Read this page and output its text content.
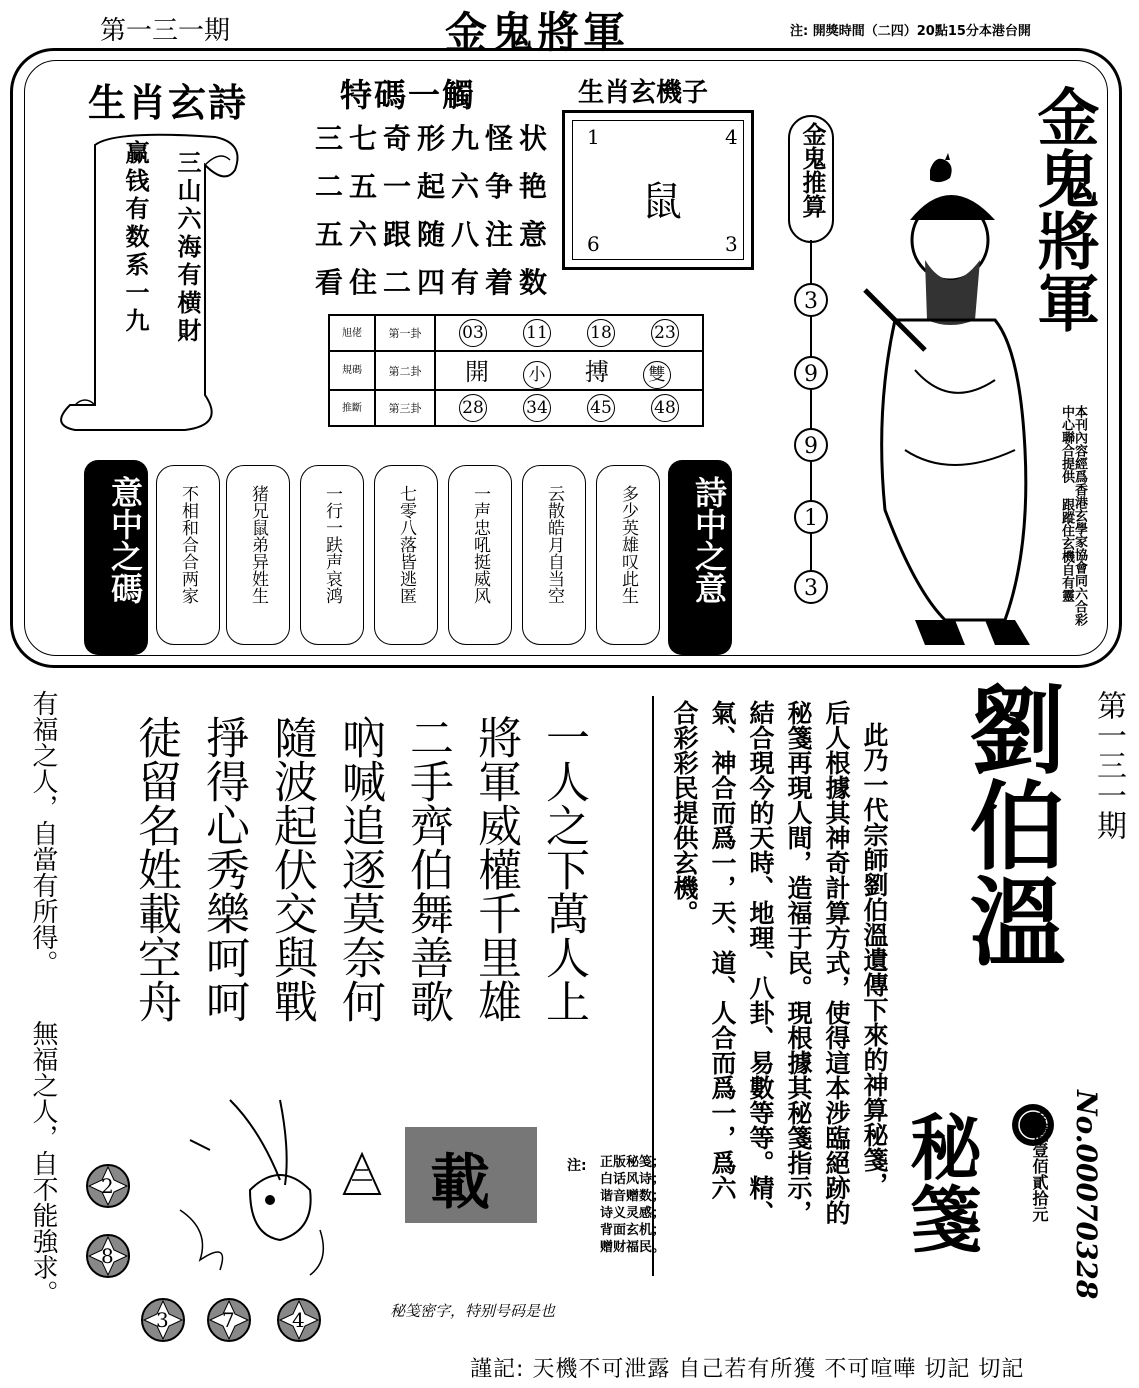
第一三一期	金鬼將軍	注: 開獎時間（二四）20點15分本港台開
生肖玄詩
三山六海有横財
赢钱有数系一九
特碼一觸
三七奇形九怪状
二五一起六争艳
五六跟随八注意
看住二四有着数
生肖玄機子
1	4
6	3
鼠
旭佬	第一卦	03 11 18 23
規碼	第二卦	開 小 搏 雙
推斷	第三卦	28 34 45 48
金鬼推算
3
9
9
1
3
金鬼將軍
本刊內容經爲香港玄學家協會同六合彩
中心聯合提供 跟蹤住玄機自有靈
意中之碼	詩中之意
不相和合合两家	猪兄鼠弟异姓生	一行一趺声哀鸿	七零八落皆逃匿	一声忠吼挺威风	云散皓月自当空	多少英雄叹此生
第一三一期
劉伯溫
秘箋	定價壹佰貳拾元 No.00070328
此乃一代宗師劉伯溫遺傳下來的神算秘箋，
后人根據其神奇計算方式，使得這本涉臨絕跡的
秘箋再現人間，造福于民。現根據其秘箋指示，
結合現今的天時、地理、八卦、易數等等。精、
氣、神合而爲一，天、道、人合而爲一，爲六
合彩彩民提供玄機。
一人之下萬人上
將軍威權千里雄
二手齊伯舞善歌
吶喊追逐莫奈何
隨波起伏交與戰
掙得心秀樂呵呵
徒留名姓載空舟
有福之人，自當有所得。
無福之人，自不能強求。 2
8
3	7	4
載	注: 正版秘笺；
白话风诗；
谐音赠数；
诗义灵感；
背面玄机；
赠财福民。
秘笺密字，特别号码是也
謹記: 天機不可泄露 自己若有所獲 不可喧嘩 切記 切記
